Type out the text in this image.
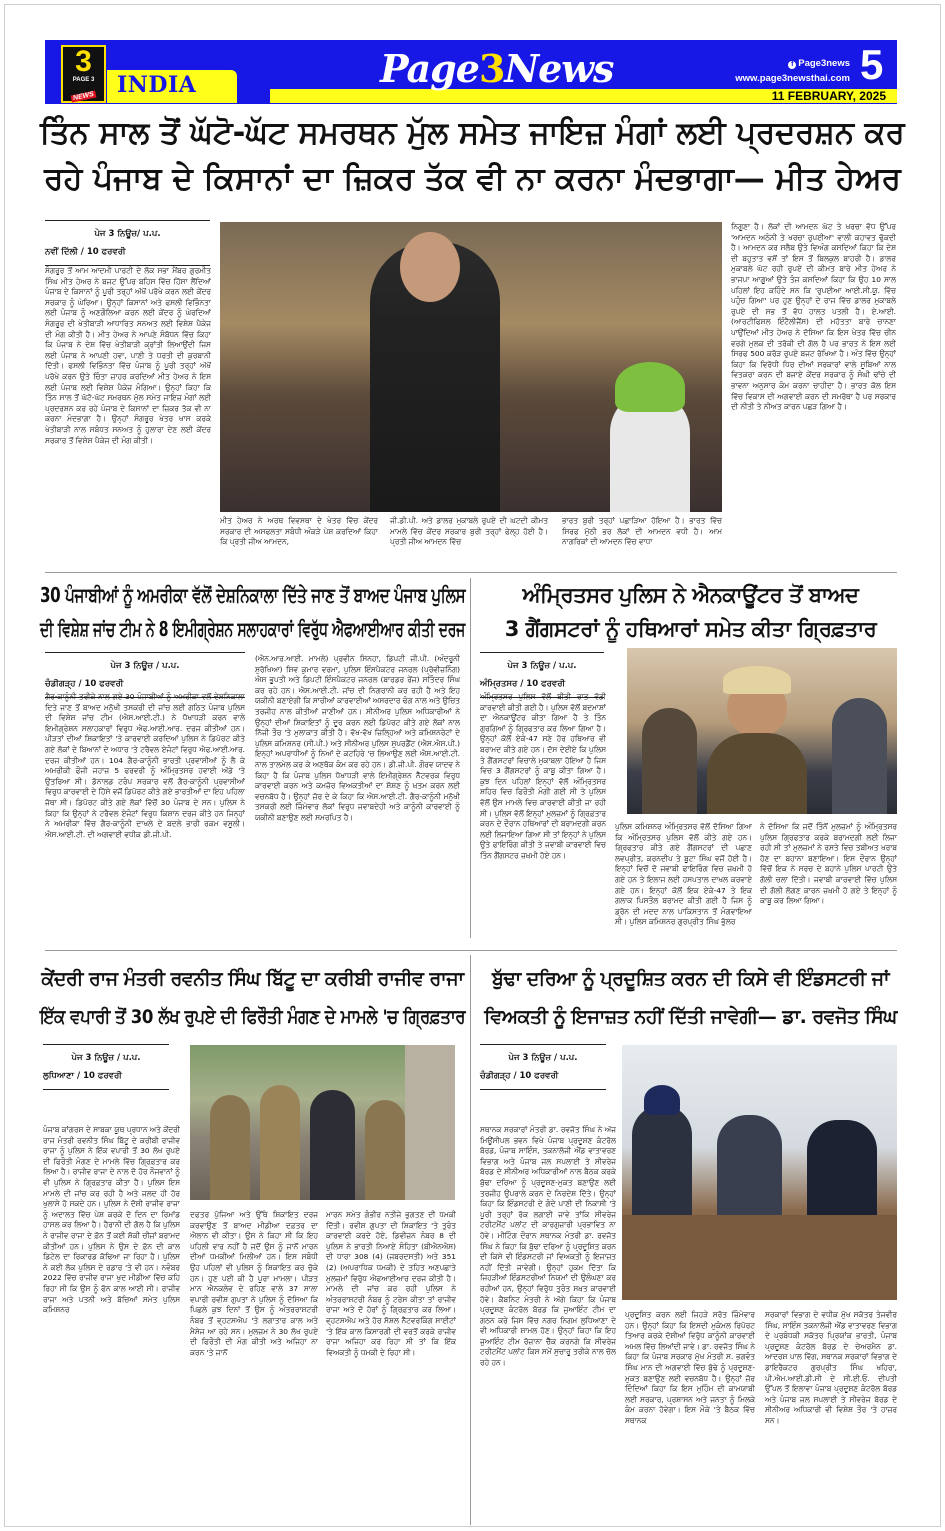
INDIA
3
PAGE 3
NEWS
Page3News	f Page3news
www.page3newsthai.com 5
11 FEBRUARY, 2025
ਤਿੰਨ ਸਾਲ ਤੋਂ ਘੱਟੋ-ਘੱਟ ਸਮਰਥਨ ਮੁੱਲ ਸਮੇਤ ਜਾਇਜ਼ ਮੰਗਾਂ ਲਈ ਪ੍ਰਦਰਸ਼ਨ ਕਰ
ਰਹੇ ਪੰਜਾਬ ਦੇ ਕਿਸਾਨਾਂ ਦਾ ਜ਼ਿਕਰ ਤੱਕ ਵੀ ਨਾ ਕਰਨਾ ਮੰਦਭਾਗਾ— ਮੀਤ ਹੇਅਰ
ਪੇਜ 3 ਨਿਊਜ਼/ ਪ.ਪ.
ਨਵੀਂ ਦਿੱਲੀ / 10 ਫਰਵਰੀ
ਸੰਗਰੂਰ ਤੋਂ ਆਮ ਆਦਮੀ ਪਾਰਟੀ ਦੇ ਲੋਕ ਸਭਾ ਮੈਂਬਰ ਗੁਰਮੀਤ ਸਿੰਘ ਮੀਤ ਹੇਅਰ ਨੇ ਬਜਟ ਉੱਪਰ ਬਹਿਸ ਵਿੱਚ ਹਿੱਸਾ ਲੈਂਦਿਆਂ ਪੰਜਾਬ ਦੇ ਕਿਸਾਨਾਂ ਨੂੰ ਪੂਰੀ ਤਰ੍ਹਾਂ ਅੱਖੋਂ ਪਰੋਖੇ ਕਰਨ ਲਈ ਕੇਂਦਰ ਸਰਕਾਰ ਨੂੰ ਘੇਰਿਆ। ਉਨ੍ਹਾਂ ਕਿਸਾਨਾਂ ਅਤੇ ਫਸਲੀ ਵਿਭਿੰਨਤਾ ਲਈ ਪੰਜਾਬ ਨੂੰ ਅਣਗੌਲਿਆ ਕਰਨ ਲਈ ਕੇਂਦਰ ਨੂੰ ਘੇਰਦਿਆਂ ਸੰਗਰੂਰ ਦੀ ਖੇਤੀਬਾੜੀ ਆਧਾਰਿਤ ਸਨਅਤ ਲਈ ਵਿਸ਼ੇਸ਼ ਪੈਕੇਜ ਦੀ ਮੰਗ ਕੀਤੀ ਹੈ। ਮੀਤ ਹੇਅਰ ਨੇ ਆਪਣੇ ਸੰਬੋਧਨ ਵਿੱਚ ਕਿਹਾ ਕਿ ਪੰਜਾਬ ਨੇ ਦੇਸ਼ ਵਿੱਚ ਖੇਤੀਬਾੜੀ ਕ੍ਰਾਂਤੀ ਲਿਆਉਂਦੀ ਜਿਸ ਲਈ ਪੰਜਾਬ ਨੇ ਆਪਣੀ ਹਵਾ, ਪਾਣੀ ਤੇ ਧਰਤੀ ਦੀ ਕੁਰਬਾਨੀ ਦਿੱਤੀ। ਫਸਲੀ ਵਿਭਿੰਨਤਾ ਵਿੱਚ ਪੰਜਾਬ ਨੂੰ ਪੂਰੀ ਤਰ੍ਹਾਂ ਅੱਖੋਂ ਪਰੋਖੇ ਕਰਨ ਉਤੇ ਚਿੰਤਾ ਜ਼ਾਹਰ ਕਰਦਿਆਂ ਮੀਤ ਹੇਅਰ ਨੇ ਇਸ ਲਈ ਪੰਜਾਬ ਲਈ ਵਿਸ਼ੇਸ਼ ਪੈਕੇਜ ਮੰਗਿਆ। ਉਨ੍ਹਾਂ ਕਿਹਾ ਕਿ ਤਿੰਨ ਸਾਲ ਤੋਂ ਘੱਟੋ-ਘੱਟ ਸਮਰਥਨ ਮੁੱਲ ਸਮੇਤ ਜਾਇਜ਼ ਮੰਗਾਂ ਲਈ ਪ੍ਰਦਰਸ਼ਨ ਕਰ ਰਹੇ ਪੰਜਾਬ ਦੇ ਕਿਸਾਨਾਂ ਦਾ ਜ਼ਿਕਰ ਤੱਕ ਵੀ ਨਾ ਕਰਨਾ ਮੰਦਭਾਗਾ ਹੈ। ਉਨ੍ਹਾਂ ਸੰਗਰੂਰ ਖੇਤਰ ਖਾਸ ਕਰਕੇ ਖੇਤੀਬਾੜੀ ਨਾਲ ਸਬੰਧਤ ਸਨਅਤ ਨੂੰ ਹੁਲਾਰਾ ਦੇਣ ਲਈ ਕੇਂਦਰ ਸਰਕਾਰ ਤੋਂ ਵਿਸ਼ੇਸ਼ ਪੈਕੇਜ ਦੀ ਮੰਗ ਕੀਤੀ।
ਮੀਤ ਹੇਅਰ ਨੇ ਅਰਥ ਵਿਵਸਥਾ ਦੇ ਖੇਤਰ ਵਿੱਚ ਕੇਂਦਰ ਸਰਕਾਰ ਦੀ ਅਸਫਲਤਾ ਸਬੰਧੀ ਅੰਕੜੇ ਪੇਸ਼ ਕਰਦਿਆਂ ਕਿਹਾ ਕਿ ਪ੍ਰਤੀ ਜੀਅ ਆਮਦਨ,
ਜੀ.ਡੀ.ਪੀ. ਅਤੇ ਡਾਲਰ ਮੁਕਾਬਲੇ ਰੁਪਏ ਦੀ ਘਟਦੀ ਕੀਮਤ ਮਾਮਲੇ ਵਿੱਚ ਕੇਂਦਰ ਸਰਕਾਰ ਬੁਰੀ ਤਰ੍ਹਾਂ ਫੇਲ੍ਹ ਹੋਈ ਹੈ। ਪ੍ਰਤੀ ਜੀਅ ਆਮਦਨ ਵਿੱਚ
ਭਾਰਤ ਬੁਰੀ ਤਰ੍ਹਾਂ ਪਛਾੜਿਆ ਹੋਇਆ ਹੈ। ਭਾਰਤ ਵਿੱਚ ਸਿਰਫ ਮੁੱਠੀ ਭਰ ਲੋਕਾਂ ਦੀ ਆਮਦਨ ਵਧੀ ਹੈ। ਆਮ ਨਾਗਰਿਕਾਂ ਦੀ ਆਮਦਨ ਵਿੱਚ ਵਾਧਾ
ਨਿਗੂਣਾ ਹੈ। ਲੋਕਾਂ ਦੀ ਆਮਦਨ ਘੱਟ ਤੇ ਖਰਚਾ ਵੱਧ ਉੱਪਰ 'ਆਮਦਨ ਅਠੰਨੀ ਤੇ ਖਰਚਾ ਰੁਪਈਆ' ਵਾਲੀ ਕਹਾਵਤ ਢੁੱਕਦੀ ਹੈ। ਆਮਦਨ ਕਰ ਸਲੈਬ ਉਤੇ ਵਿਅੰਗ ਕਸਦਿਆਂ ਕਿਹਾ ਕਿ ਦੇਸ਼ ਦੀ ਬਹੁਤਾਤ ਵਸੋਂ ਤਾਂ ਇਸ ਤੋਂ ਬਿਲਕੁਲ ਬਾਹਰੀ ਹੈ। ਡਾਲਰ ਮੁਕਾਬਲੇ ਘੱਟ ਰਹੀ ਰੁਪਏ ਦੀ ਕੀਮਤ ਬਾਰੇ ਮੀਤ ਹੇਅਰ ਨੇ ਭਾਜਪਾ ਆਗੂਆਂ ਉਤੇ ਤੰਜ ਕਸਦਿਆਂ ਕਿਹਾ ਕਿ ਉਹ 10 ਸਾਲ ਪਹਿਲਾਂ ਇਹ ਕਹਿੰਦੇ ਸਨ ਕਿ 'ਰੁਪਈਆ ਆਈ.ਸੀ.ਯੂ. ਵਿੱਚ ਪਹੁੰਚ ਗਿਆ' ਪਰ ਹੁਣ ਉਨ੍ਹਾਂ ਦੇ ਰਾਜ ਵਿੱਚ ਡਾਲਰ ਮੁਕਾਬਲੇ ਰੁਪਏ ਦੀ ਸਭ ਤੋਂ ਵੱਧ ਹਾਲਤ ਪਤਲੀ ਹੈ। ਏ.ਆਈ. (ਆਰਟੀਫਿਸ਼ਲ ਇੰਟੈਲੀਜੈਂਸ) ਦੀ ਮਹੱਤਤਾ ਬਾਰੇ ਚਾਨਣਾ ਪਾਉਂਦਿਆਂ ਮੀਤ ਹੇਅਰ ਨੇ ਦੱਸਿਆ ਕਿ ਇਸ ਖੇਤਰ ਵਿੱਚ ਚੀਨ ਵਰਗੇ ਮੁਲਕ ਦੀ ਤਰੱਕੀ ਦੀ ਗੱਲ ਹੈ ਪਰ ਭਾਰਤ ਨੇ ਇਸ ਲਈ ਸਿਰਫ 500 ਕਰੋੜ ਰੁਪਏ ਬਜਟ ਰੱਖਿਆ ਹੈ। ਅੰਤ ਵਿੱਚ ਉਨ੍ਹਾਂ ਕਿਹਾ ਕਿ ਵਿਰੋਧੀ ਧਿਰ ਦੀਆਂ ਸਰਕਾਰਾਂ ਵਾਲੇ ਸੂਬਿਆਂ ਨਾਲ ਵਿਤਕਰਾ ਕਰਨ ਦੀ ਬਜਾਏ ਕੇਂਦਰ ਸਰਕਾਰ ਨੂੰ ਸੰਘੀ ਢਾਂਚੇ ਦੀ ਭਾਵਨਾ ਅਨੁਸਾਰ ਕੰਮ ਕਰਨਾ ਚਾਹੀਦਾ ਹੈ। ਭਾਰਤ ਕੋਲ ਇਸ ਵਿੱਚ ਵਿਕਾਸ ਦੀ ਅਗਵਾਈ ਕਰਨ ਦੀ ਸਮਰੱਥਾ ਹੈ ਪਰ ਸਰਕਾਰ ਦੀ ਨੀਤੀ ਤੇ ਨੀਅਤ ਕਾਰਨ ਪਛੜ ਗਿਆ ਹੈ।
30 ਪੰਜਾਬੀਆਂ ਨੂੰ ਅਮਰੀਕਾ ਵੱਲੋਂ ਦੇਸ਼ਨਿਕਾਲਾ ਦਿੱਤੇ ਜਾਣ ਤੋਂ ਬਾਅਦ ਪੰਜਾਬ ਪੁਲਿਸ
ਦੀ ਵਿਸ਼ੇਸ਼ ਜਾਂਚ ਟੀਮ ਨੇ 8 ਇਮੀਗ੍ਰੇਸ਼ਨ ਸਲਾਹਕਾਰਾਂ ਵਿਰੁੱਧ ਐਫਆਈਆਰ ਕੀਤੀ ਦਰਜ
ਪੇਜ 3 ਨਿਊਜ਼ / ਪ.ਪ.
ਚੰਡੀਗੜ੍ਹ / 10 ਫਰਵਰੀ
ਗੈਰ-ਕਾਨੂੰਨੀ ਤਰੀਕੇ ਨਾਲ ਗਏ 30 ਪੰਜਾਬੀਆਂ ਨੂੰ ਅਮਰੀਕਾ ਵਲੋਂ ਦੇਸ਼ਨਿਕਾਲਾ ਦਿਤੇ ਜਾਣ ਤੋਂ ਬਾਅਦ ਮਨੁੱਖੀ ਤਸਕਰੀ ਦੀ ਜਾਂਚ ਲਈ ਗਠਿਤ ਪੰਜਾਬ ਪੁਲਿਸ ਦੀ ਵਿਸ਼ੇਸ਼ ਜਾਂਚ ਟੀਮ (ਐਸ.ਆਈ.ਟੀ.) ਨੇ ਧੋਖਾਧੜੀ ਕਰਨ ਵਾਲੇ ਇਮੀਗ੍ਰੇਸ਼ਨ ਸਲਾਹਕਾਰਾਂ ਵਿਰੁਧ ਐਫ.ਆਈ.ਆਰ. ਦਰਜ ਕੀਤੀਆਂ ਹਨ। ਪੀੜਤਾਂ ਦੀਆਂ ਸ਼ਿਕਾਇਤਾਂ 'ਤੇ ਕਾਰਵਾਈ ਕਰਦਿਆਂ ਪੁਲਿਸ ਨੇ ਡਿਪੋਰਟ ਕੀਤੇ ਗਏ ਲੋਕਾਂ ਦੇ ਬਿਆਨਾਂ ਦੇ ਅਧਾਰ 'ਤੇ ਟਰੈਵਲ ਏਜੰਟਾਂ ਵਿਰੁਧ ਐਫ.ਆਈ.ਆਰ. ਦਰਜ ਕੀਤੀਆਂ ਹਨ। 104 ਗੈਰ-ਕਾਨੂੰਨੀ ਭਾਰਤੀ ਪ੍ਰਵਾਸੀਆਂ ਨੂੰ ਲੈ ਕੇ ਅਮਰੀਕੀ ਫੌਜੀ ਜਹਾਜ਼ 5 ਫਰਵਰੀ ਨੂੰ ਅੰਮ੍ਰਿਤਸਰ ਹਵਾਈ ਅੱਡੇ 'ਤੇ ਉਤਰਿਆ ਸੀ। ਡੋਨਾਲਡ ਟਰੰਪ ਸਰਕਾਰ ਵਲੋਂ ਗੈਰ-ਕਾਨੂੰਨੀ ਪ੍ਰਵਾਸੀਆਂ ਵਿਰੁਧ ਕਾਰਵਾਈ ਦੇ ਹਿੱਸੇ ਵਜੋਂ ਡਿਪੋਰਟ ਕੀਤੇ ਗਏ ਭਾਰਤੀਆਂ ਦਾ ਇਹ ਪਹਿਲਾ ਜੱਥਾ ਸੀ। ਡਿਪੋਰਟ ਕੀਤੇ ਗਏ ਲੋਕਾਂ ਵਿੱਚੋਂ 30 ਪੰਜਾਬ ਦੇ ਸਨ। ਪੁਲਿਸ ਨੇ ਕਿਹਾ ਕਿ ਉਨ੍ਹਾਂ ਨੇ ਟਰੈਵਲ ਏਜੰਟਾਂ ਵਿਰੁਧ ਕਿਸ਼ਾਨ ਦਰਜ ਕੀਤੇ ਹਨ ਜਿਨ੍ਹਾਂ ਨੇ ਅਮਰੀਕਾ ਵਿੱਚ ਗੈਰ-ਕਾਨੂੰਨੀ ਦਾਖਲੇ ਦੇ ਬਦਲੇ ਭਾਰੀ ਰਕਮ ਵਸੂਲੀ। ਐਸ.ਆਈ.ਟੀ. ਦੀ ਅਗਵਾਈ ਵਧੀਕ ਡੀ.ਜੀ.ਪੀ.
(ਐਨ.ਆਰ.ਆਈ. ਮਾਮਲੇ) ਪ੍ਰਵੀਨ ਸਿਨਹਾ, ਡਿਪਟੀ ਜੀ.ਪੀ. (ਅੰਦਰੂਨੀ ਸੁਰੱਖਿਆ) ਸ਼ਿਵ ਕੁਮਾਰ ਵਰਮਾ, ਪੁਲਿਸ ਇੰਸਪੈਕਟਰ ਜਨਰਲ (ਪ੍ਰੋਵੀਜ਼ਨਿੰਗ) ਐਸ ਭੂਪਤੀ ਅਤੇ ਡਿਪਟੀ ਇੰਸਪੈਕਟਰ ਜਨਰਲ (ਬਾਰਡਰ ਰੇਂਜ) ਸਤਿੰਦਰ ਸਿੰਘ ਕਰ ਰਹੇ ਹਨ। ਐਸ.ਆਈ.ਟੀ. ਜਾਂਚ ਦੀ ਨਿਗਰਾਨੀ ਕਰ ਰਹੀ ਹੈ ਅਤੇ ਇਹ ਯਕੀਨੀ ਬਣਾਏਗੀ ਕਿ ਸਾਰੀਆਂ ਕਾਰਵਾਈਆਂ ਅਸਰਦਾਰ ਢੰਗ ਨਾਲ ਅਤੇ ਉਚਿਤ ਤਰਜੀਹ ਨਾਲ ਕੀਤੀਆਂ ਜਾਣੀਆਂ ਹਨ। ਸੀਨੀਅਰ ਪੁਲਿਸ ਅਧਿਕਾਰੀਆਂ ਨੇ ਉਨ੍ਹਾਂ ਦੀਆਂ ਸ਼ਿਕਾਇਤਾਂ ਨੂੰ ਦੂਰ ਕਰਨ ਲਈ ਡਿਪੋਰਟ ਕੀਤੇ ਗਏ ਲੋਕਾਂ ਨਾਲ ਨਿੱਜੀ ਤੌਰ 'ਤੇ ਮੁਲਾਕਾਤ ਕੀਤੀ ਹੈ। ਵੱਖ-ਵੱਖ ਜ਼ਿਲ੍ਹਿਆਂ ਅਤੇ ਕਮਿਸ਼ਨਰੇਟਾਂ ਦੇ ਪੁਲਿਸ ਕਮਿਸ਼ਨਰ (ਸੀ.ਪੀ.) ਅਤੇ ਸੀਨੀਅਰ ਪੁਲਿਸ ਸੁਪਰਡੈਂਟ (ਐਸ.ਐਸ.ਪੀ.) ਇਨ੍ਹਾਂ ਅਪਰਾਧੀਆਂ ਨੂੰ ਨਿਆਂ ਦੇ ਕਟਹਿਰੇ 'ਚ ਲਿਆਉਣ ਲਈ ਐਸ.ਆਈ.ਟੀ. ਨਾਲ ਤਾਲਮੇਲ ਕਰ ਕੇ ਅਣਥੱਕ ਕੰਮ ਕਰ ਰਹੇ ਹਨ। ਡੀ.ਜੀ.ਪੀ. ਗੌਰਵ ਯਾਦਵ ਨੇ ਕਿਹਾ ਹੈ ਕਿ ਪੰਜਾਬ ਪੁਲਿਸ ਧੋਖਾਧੜੀ ਵਾਲੇ ਇਮੀਗ੍ਰੇਸ਼ਨ ਨੈੱਟਵਰਕ ਵਿਰੁਧ ਕਾਰਵਾਈ ਕਰਨ ਅਤੇ ਕਮਜ਼ੋਰ ਵਿਅਕਤੀਆਂ ਦਾ ਸ਼ੋਸ਼ਣ ਨੂੰ ਖ਼ਤਮ ਕਰਨ ਲਈ ਵਚਨਬੱਧ ਹੈ। ਉਨ੍ਹਾਂ ਜ਼ੋਰ ਦੇ ਕੇ ਕਿਹਾ ਕਿ ਐਸ.ਆਈ.ਟੀ. ਗੈਰ-ਕਾਨੂੰਨੀ ਮਨੁੱਖੀ ਤਸਕਰੀ ਲਈ ਜ਼ਿੰਮੇਵਾਰ ਲੋਕਾਂ ਵਿਰੁਧ ਜਵਾਬਦੇਹੀ ਅਤੇ ਕਾਨੂੰਨੀ ਕਾਰਵਾਈ ਨੂੰ ਯਕੀਨੀ ਬਣਾਉਣ ਲਈ ਸਮਰਪਿਤ ਹੈ।
ਅੰਮ੍ਰਿਤਸਰ ਪੁਲਿਸ ਨੇ ਐਨਕਾਊਂਟਰ ਤੋਂ ਬਾਅਦ
3 ਗੈਂਗਸਟਰਾਂ ਨੂੰ ਹਥਿਆਰਾਂ ਸਮੇਤ ਕੀਤਾ ਗ੍ਰਿਫ਼ਤਾਰ
ਪੇਜ 3 ਨਿਊਜ਼ / ਪ.ਪ.
ਅੰਮ੍ਰਿਤਸਰ / 10 ਫਰਵਰੀ
ਅੰਮ੍ਰਿਤਸਰ ਪੁਲਿਸ ਵੱਲੋਂ ਬੀਤੀ ਰਾਤ ਵੱਡੀ ਕਾਰਵਾਈ ਕੀਤੀ ਗਈ ਹੈ। ਪੁਲਿਸ ਵੱਲੋਂ ਬਦਮਾਸ਼ਾਂ ਦਾ ਐਨਕਾਊਂਟਰ ਕੀਤਾ ਗਿਆ ਹੈ ਤੇ ਤਿੰਨ ਗੁਰਗਿਆਂ ਨੂੰ ਗ੍ਰਿਫਤਾਰ ਕਰ ਲਿਆ ਗਿਆ ਹੈ। ਉਨ੍ਹਾਂ ਕੋਲੋਂ ਏਕੇ-47 ਸਣੇ ਹੋਰ ਹਥਿਆਰ ਵੀ ਬਰਾਮਦ ਕੀਤੇ ਗਏ ਹਨ। ਦੱਸ ਦੇਈਏ ਕਿ ਪੁਲਿਸ ਤੇ ਗੈਂਗਸਟਰਾਂ ਵਿਚਾਲੇ ਮੁਕਾਬਲਾ ਹੋਇਆ ਹੈ ਜਿਸ ਵਿਚ 3 ਗੈਂਗਸਟਰਾਂ ਨੂੰ ਕਾਬੂ ਕੀਤਾ ਗਿਆ ਹੈ। ਕੁਝ ਦਿਨ ਪਹਿਲਾਂ ਇਨ੍ਹਾਂ ਵੱਲੋਂ ਅੰਮ੍ਰਿਤਸਰ ਸ਼ਹਿਰ ਵਿਚ ਫਿਰੌਤੀ ਮੰਗੀ ਗਈ ਸੀ ਤੇ ਪੁਲਿਸ ਵੱਲੋਂ ਉਸ ਮਾਮਲੇ ਵਿਚ ਕਾਰਵਾਈ ਕੀਤੀ ਜਾ ਰਹੀ ਸੀ। ਪੁਲਿਸ ਵੱਲੋਂ ਇਨ੍ਹਾਂ ਮੁਲਜ਼ਮਾਂ ਨੂੰ ਗ੍ਰਿਫ਼ਤਾਰ ਕਰਨ ਦੇ ਦੌਰਾਨ ਹਥਿਆਰਾਂ ਦੀ ਬਰਾਮਦਗੀ ਕਰਨ ਲਈ ਲਿਜਾਇਆ ਗਿਆ ਸੀ ਤਾਂ ਇਨ੍ਹਾਂ ਨੇ ਪੁਲਿਸ ਉਤੇ ਫਾਇਰਿੰਗ ਕੀਤੀ ਤੇ ਜਵਾਬੀ ਕਾਰਵਾਈ ਵਿਚ ਤਿੰਨ ਗੈਂਗਸਟਰ ਜ਼ਖ਼ਮੀ ਹੋਏ ਹਨ।
ਪੁਲਿਸ ਕਮਿਸ਼ਨਰ ਅੰਮ੍ਰਿਤਸਰ ਵੱਲੋਂ ਦੱਸਿਆ ਗਿਆ ਕਿ ਅੰਮ੍ਰਿਤਸਰ ਪੁਲਿਸ ਵੱਲੋਂ ਕੀਤੇ ਗਏ ਹਨ। ਗ੍ਰਿਫਤਾਰ ਕੀਤੇ ਗਏ ਗੈਂਗਸਟਰਾਂ ਦੀ ਪਛਾਣ ਲਵਪ੍ਰੀਤ, ਕਰਨਦੀਪ ਤੇ ਬੂਟਾ ਸਿੰਘ ਵਜੋਂ ਹੋਈ ਹੈ। ਇਨ੍ਹਾਂ ਵਿਚੋਂ ਦੋ ਜਵਾਬੀ ਫਾਇਰਿੰਗ ਵਿਚ ਜ਼ਖ਼ਮੀ ਹੋ ਗਏ ਹਨ ਤੇ ਇਲਾਜ ਲਈ ਹਸਪਤਾਲ ਦਾਖਲ ਕਰਵਾਏ ਗਏ ਹਨ। ਇਨ੍ਹਾਂ ਕੋਲੋਂ ਇਕ ਏਕੇ-47 ਤੇ ਇਕ ਗਲਾਕ ਪਿਸਤੌਲ ਬਰਾਮਦ ਕੀਤੀ ਗਈ ਹੈ ਜਿਸ ਨੂੰ ਡ੍ਰੋਨ ਦੀ ਮਦਦ ਨਾਲ ਪਾਕਿਸਤਾਨ ਤੋਂ ਮੰਗਵਾਇਆ ਸੀ। ਪੁਲਿਸ ਕਮਿਸ਼ਨਰ ਗੁਰਪ੍ਰੀਤ ਸਿੰਘ ਭੁੱਲਰ
ਨੇ ਦੱਸਿਆ ਕਿ ਜਦੋਂ ਤਿੰਨੋਂ ਮੁਲਜ਼ਮਾਂ ਨੂੰ ਅੰਮ੍ਰਿਤਸਰ ਪੁਲਿਸ ਗ੍ਰਿਫਤਾਰ ਕਰਕੇ ਬਰਾਮਦਗੀ ਲਈ ਲਿਜਾ ਰਹੀ ਸੀ ਤਾਂ ਮੁਲਜ਼ਮਾਂ ਨੇ ਰਸਤੇ ਵਿਚ ਤਬੀਅਤ ਖਰਾਬ ਹੋਣ ਦਾ ਬਹਾਨਾ ਬਣਾਇਆ। ਇਸ ਦੌਰਾਨ ਉਨ੍ਹਾਂ ਵਿੱਚੋਂ ਇਕ ਨੇ ਸਰਚ ਦੇ ਬਹਾਨੇ ਪੁਲਿਸ ਪਾਰਟੀ ਉਤੇ ਗੋਲੀ ਚਲਾ ਦਿੱਤੀ। ਜਵਾਬੀ ਕਾਰਵਾਈ ਵਿੱਚ ਪੁਲਿਸ ਦੀ ਗੋਲੀ ਲੱਗਣ ਕਾਰਨ ਜ਼ਖ਼ਮੀ ਹੋ ਗਏ ਤੇ ਇਨ੍ਹਾਂ ਨੂੰ ਕਾਬੂ ਕਰ ਲਿਆ ਗਿਆ।
ਕੇਂਦਰੀ ਰਾਜ ਮੰਤਰੀ ਰਵਨੀਤ ਸਿੰਘ ਬਿੱਟੂ ਦਾ ਕਰੀਬੀ ਰਾਜੀਵ ਰਾਜਾ
ਇੱਕ ਵਪਾਰੀ ਤੋਂ 30 ਲੱਖ ਰੁਪਏ ਦੀ ਫਿਰੌਤੀ ਮੰਗਣ ਦੇ ਮਾਮਲੇ 'ਚ ਗ੍ਰਿਫ਼ਤਾਰ
ਪੇਜ 3 ਨਿਊਜ਼ / ਪ.ਪ.
ਲੁਧਿਆਣਾ / 10 ਫਰਵਰੀ
ਪੰਜਾਬ ਕਾਂਗਰਸ ਦੇ ਸਾਬਕਾ ਯੂਥ ਪ੍ਰਧਾਨ ਅਤੇ ਕੇਂਦਰੀ ਰਾਜ ਮੰਤਰੀ ਰਵਨੀਤ ਸਿੰਘ ਬਿੱਟੂ ਦੇ ਕਰੀਬੀ ਰਾਜੀਵ ਰਾਜਾ ਨੂੰ ਪੁਲਿਸ ਨੇ ਇੱਕ ਵਪਾਰੀ ਤੋਂ 30 ਲੱਖ ਰੁਪਏ ਦੀ ਫਿਰੌਤੀ ਮੰਗਣ ਦੇ ਮਾਮਲੇ ਵਿੱਚ ਗ੍ਰਿਫ਼ਤਾਰ ਕਰ ਲਿਆ ਹੈ। ਰਾਜੀਵ ਰਾਜਾ ਦੇ ਨਾਲ ਦੋ ਹੋਰ ਨੌਜਵਾਨਾਂ ਨੂੰ ਵੀ ਪੁਲਿਸ ਨੇ ਗ੍ਰਿਫ਼ਤਾਰ ਕੀਤਾ ਹੈ। ਪੁਲਿਸ ਇਸ ਮਾਮਲੇ ਦੀ ਜਾਂਚ ਕਰ ਰਹੀ ਹੈ ਅਤੇ ਜਲਦ ਹੀ ਹੋਰ ਖੁਲਾਸੇ ਹੋ ਸਕਦੇ ਹਨ। ਪੁਲਿਸ ਨੇ ਦੋਸ਼ੀ ਰਾਜੀਵ ਰਾਜਾ ਨੂੰ ਅਦਾਲਤ ਵਿੱਚ ਪੇਸ਼ ਕਰਕੇ ਦੋ ਦਿਨ ਦਾ ਰਿਮਾਂਡ ਹਾਸਲ ਕਰ ਲਿਆ ਹੈ। ਹੈਰਾਨੀ ਦੀ ਗੱਲ ਹੈ ਕਿ ਪੁਲਿਸ ਨੇ ਰਾਜੀਵ ਰਾਜਾ ਦੇ ਫ਼ੋਨ ਤੋਂ ਕਈ ਸ਼ੱਕੀ ਚੀਜ਼ਾਂ ਬਰਾਮਦ ਕੀਤੀਆਂ ਹਨ। ਪੁਲਿਸ ਨੇ ਉਸ ਦੇ ਫ਼ੋਨ ਦੀ ਕਾਲ ਡਿਟੇਲ ਦਾ ਰਿਕਾਰਡ ਕੱਢਿਆ ਜਾ ਰਿਹਾ ਹੈ। ਪੁਲਿਸ ਨੇ ਕਈ ਲੋਕ ਪੁਲਿਸ ਦੇ ਰਡਾਰ 'ਤੇ ਵੀ ਹਨ। ਨਵੰਬਰ 2022 ਵਿੱਚ ਰਾਜੀਵ ਰਾਜਾ ਖੁਦ ਮੀਡੀਆ ਵਿੱਚ ਕਹਿ ਰਿਹਾ ਸੀ ਕਿ ਉਸ ਨੂੰ ਫੋਨ ਕਾਲ ਆਈ ਸੀ। ਰਾਜੀਵ ਰਾਜਾ ਅਤੇ ਪਤਨੀ ਅਤੇ ਬੱਚਿਆਂ ਸਮੇਤ ਪੁਲਿਸ ਕਮਿਸ਼ਨਰ
ਦਫਤਰ ਪੁੱਜਿਆ ਅਤੇ ਉੱਥੇ ਸ਼ਿਕਾਇਤ ਦਰਜ ਕਰਵਾਉਣ ਤੋਂ ਬਾਅਦ ਮੀਡੀਆ ਦਫ਼ਤਰ ਦਾ ਐਲਾਨ ਵੀ ਕੀਤਾ। ਉਸ ਨੇ ਕਿਹਾ ਸੀ ਕਿ ਇਹ ਪਹਿਲੀ ਵਾਰ ਨਹੀਂ ਹੈ ਜਦੋਂ ਉਸ ਨੂੰ ਜਾਨੋਂ ਮਾਰਨ ਦੀਆਂ ਧਮਕੀਆਂ ਮਿਲੀਆਂ ਹਨ। ਇਸ ਸਬੰਧੀ ਉਹ ਪਹਿਲਾਂ ਵੀ ਪੁਲਿਸ ਨੂੰ ਸ਼ਿਕਾਇਤ ਕਰ ਚੁੱਕੇ ਹਨ। ਹੁਣ ਪਈ ਕੀ ਹੈ ਪੂਰਾ ਮਾਮਲਾ। ਪੀੜਤ ਮਾਨ ਐਨਕਲੇਵ ਦੇ ਰਹਿਣ ਵਾਲੇ 37 ਸਾਲਾ ਵਪਾਰੀ ਰਵੀਸ਼ ਗੁਪਤਾ ਨੇ ਪੁਲਿਸ ਨੂੰ ਦੱਸਿਆ ਕਿ ਪਿਛਲੇ ਕੁਝ ਦਿਨਾਂ ਤੋਂ ਉਸ ਨੂੰ ਅੰਤਰਰਾਸ਼ਟਰੀ ਨੰਬਰ ਤੋਂ ਵ੍ਹਟਸਐਪ 'ਤੇ ਲਗਾਤਾਰ ਕਾਲ ਅਤੇ ਮੈਸੇਜ ਆ ਰਹੇ ਸਨ। ਮੁਲਜ਼ਮ ਨੇ 30 ਲੱਖ ਰੁਪਏ ਦੀ ਫਿਰੌਤੀ ਦੀ ਮੰਗ ਕੀਤੀ ਅਤੇ ਅਜਿਹਾ ਨਾ ਕਰਨ 'ਤੇ ਜਾਨੋਂ
ਮਾਰਨ ਸਮੇਤ ਗੰਭੀਰ ਨਤੀਜੇ ਭੁਗਤਣ ਦੀ ਧਮਕੀ ਦਿੱਤੀ। ਰਵੀਸ਼ ਗੁਪਤਾ ਦੀ ਸ਼ਿਕਾਇਤ 'ਤੇ ਤੁਰੰਤ ਕਾਰਵਾਈ ਕਰਦੇ ਹੋਏ, ਡਿਵੀਜ਼ਨ ਨੰਬਰ 8 ਦੀ ਪੁਲਿਸ ਨੇ ਭਾਰਤੀ ਨਿਆਏ ਸੰਹਿਤਾ (ਬੀਐਨਐਸ) ਦੀ ਧਾਰਾ 308 (4) (ਜਬਰਦਸਤੀ) ਅਤੇ 351 (2) (ਅਪਰਾਧਿਕ ਧਮਕੀ) ਦੇ ਤਹਿਤ ਅਣਪਛਾਤੇ ਮੁਲਜ਼ਮਾਂ ਵਿਰੁੱਧ ਐਫਆਈਆਰ ਦਰਜ ਕੀਤੀ ਹੈ। ਮਾਮਲੇ ਦੀ ਜਾਂਚ ਕਰ ਰਹੀ ਪੁਲਿਸ ਨੇ ਅੰਤਰਰਾਸ਼ਟਰੀ ਨੰਬਰ ਨੂੰ ਟਰੇਸ ਕੀਤਾ ਤਾਂ ਰਾਜੀਵ ਰਾਜਾ ਅਤੇ ਦੋ ਹੋਰਾਂ ਨੂੰ ਗ੍ਰਿਫ਼ਤਾਰ ਕਰ ਲਿਆ। ਵ੍ਹਟਸਐਪ ਅਤੇ ਹੋਰ ਸੋਸ਼ਲ ਨੈੱਟਵਰਕਿੰਗ ਸਾਈਟਾਂ 'ਤੇ ਇੱਕ ਕਾਲ ਕਿਸਾਰਗੀ ਦੀ ਵਰਤੋਂ ਕਰਕੇ ਰਾਜੀਵ ਰਾਜਾ ਅਜਿਹਾ ਕਰ ਰਿਹਾ ਸੀ ਤਾਂ ਕਿ ਇੱਕ ਵਿਅਕਤੀ ਨੂੰ ਧਮਕੀ ਦੇ ਰਿਹਾ ਸੀ।
ਬੁੱਢਾ ਦਰਿਆ ਨੂੰ ਪ੍ਰਦੂਸ਼ਿਤ ਕਰਨ ਦੀ ਕਿਸੇ ਵੀ ਇੰਡਸਟਰੀ ਜਾਂ
ਵਿਅਕਤੀ ਨੂੰ ਇਜਾਜ਼ਤ ਨਹੀਂ ਦਿੱਤੀ ਜਾਵੇਗੀ— ਡਾ. ਰਵਜੋਤ ਸਿੰਘ
ਪੇਜ 3 ਨਿਊਜ਼ / ਪ.ਪ.
ਚੰਡੀਗੜ੍ਹ / 10 ਫਰਵਰੀ
ਸਥਾਨਕ ਸਰਕਾਰਾਂ ਮੰਤਰੀ ਡਾ. ਰਵਜੋਤ ਸਿੰਘ ਨੇ ਅੱਜ ਮਿਊਂਸੀਪਲ ਭਵਨ ਵਿਖੇ ਪੰਜਾਬ ਪ੍ਰਦੂਸ਼ਣ ਕੰਟਰੋਲ ਬੋਰਡ, ਪੰਜਾਬ ਸਾਇੰਸ, ਤਕਨਾਲੋਜੀ ਐਂਡ ਵਾਤਾਵਰਣ ਵਿਭਾਗ ਅਤੇ ਪੰਜਾਬ ਜਲ ਸਪਲਾਈ ਤੇ ਸੀਵਰੇਜ ਬੋਰਡ ਦੇ ਸੀਨੀਅਰ ਅਧਿਕਾਰੀਆਂ ਨਾਲ ਬੈਠਕ ਕਰਕੇ ਬੁੱਢਾ ਦਰਿਆ ਨੂੰ ਪ੍ਰਦੂਸ਼ਣ-ਮੁਕਤ ਬਣਾਉਣ ਲਈ ਤਰਜੀਹ ਉਪਰਾਲੇ ਕਰਨ ਦੇ ਨਿਰਦੇਸ਼ ਦਿੱਤੇ। ਉਨ੍ਹਾਂ ਕਿਹਾ ਕਿ ਇੰਡਸਟਰੀ ਦੇ ਗੰਦੇ ਪਾਣੀ ਦੀ ਨਿਕਾਸੀ 'ਤੇ ਪੂਰੀ ਤਰ੍ਹਾਂ ਰੋਕ ਲਗਾਈ ਜਾਵੇ ਤਾਂਕਿ ਸੀਵਰੇਜ ਟਰੀਟਮੈਂਟ ਪਲਾਂਟ ਦੀ ਕਾਰਗੁਜ਼ਾਰੀ ਪ੍ਰਭਾਵਿਤ ਨਾ ਹੋਵੇ। ਮੀਟਿੰਗ ਦੌਰਾਨ ਸਥਾਨਕ ਮੰਤਰੀ ਡਾ. ਰਵਜੋਤ ਸਿੰਘ ਨੇ ਕਿਹਾ ਕਿ ਬੁੱਢਾ ਦਰਿਆ ਨੂੰ ਪ੍ਰਦੂਸ਼ਿਤ ਕਰਨ ਦੀ ਕਿਸੇ ਵੀ ਇੰਡਸਟਰੀ ਜਾਂ ਵਿਅਕਤੀ ਨੂੰ ਇਜਾਜ਼ਤ ਨਹੀਂ ਦਿੱਤੀ ਜਾਵੇਗੀ। ਉਨ੍ਹਾਂ ਹੁਕਮ ਦਿੱਤਾ ਕਿ ਜਿਹੜੀਆਂ ਇੰਡਸਟਰੀਆਂ ਨਿਯਮਾਂ ਦੀ ਉਲੰਘਣਾ ਕਰ ਰਹੀਆਂ ਹਨ, ਉਨ੍ਹਾਂ ਵਿਰੁੱਧ ਤੁਰੰਤ ਸਖ਼ਤ ਕਾਰਵਾਈ ਹੋਵੇ। ਕੈਬਨਿਟ ਮੰਤਰੀ ਨੇ ਅੱਗੇ ਕਿਹਾ ਕਿ ਪੰਜਾਬ ਪ੍ਰਦੂਸ਼ਣ ਕੰਟਰੋਲ ਬੋਰਡ ਕਿ ਜੁਆਇੰਟ ਟੀਮ ਦਾ ਗਠਨ ਕਰੇ ਜਿਸ ਵਿੱਚ ਨਗਰ ਨਿਗਮ ਲੁਧਿਆਣਾ ਦੇ ਵੀ ਅਧਿਕਾਰੀ ਸ਼ਾਮਲ ਹੋਣ। ਉਨ੍ਹਾਂ ਕਿਹਾ ਕਿ ਇਹ ਜੁਆਇੰਟ ਟੀਮ ਰੋਜ਼ਾਨਾ ਚੈੱਕ ਕਰਨਗੇ ਕਿ ਸੀਵਰੇਜ ਟਰੀਟਮੈਂਟ ਪਲਾਂਟ ਕਿਸ ਸਮੇਂ ਸੁਚਾਰੂ ਤਰੀਕੇ ਨਾਲ ਚੱਲ ਰਹੇ ਹਨ।
ਪ੍ਰਦੂਸ਼ਿਤ ਕਰਨ ਲਈ ਜਿਹੜੇ ਸਰੋਤ ਜ਼ਿੰਮੇਵਾਰ ਹਨ। ਉਨ੍ਹਾਂ ਕਿਹਾ ਕਿ ਇਸਦੀ ਮੁਕੰਮਲ ਰਿਪੋਰਟ ਤਿਆਰ ਕਰਕੇ ਦੋਸ਼ੀਆਂ ਵਿਰੁੱਧ ਕਾਨੂੰਨੀ ਕਾਰਵਾਈ ਅਮਲ ਵਿੱਚ ਲਿਆਂਦੀ ਜਾਵੇ। ਡਾ. ਰਵਜੋਤ ਸਿੰਘ ਨੇ ਕਿਹਾ ਕਿ ਪੰਜਾਬ ਸਰਕਾਰ ਮੁੱਖ ਮੰਤਰੀ ਸ. ਭਗਵੰਤ ਸਿੰਘ ਮਾਨ ਦੀ ਅਗਵਾਈ ਵਿੱਚ ਬੁੱਢੇ ਨੂੰ ਪ੍ਰਦੂਸ਼ਣ-ਮੁਕਤ ਬਣਾਉਣ ਲਈ ਵਚਨਬੱਧ ਹੈ। ਉਨ੍ਹਾਂ ਜ਼ੋਰ ਦਿੰਦਿਆਂ ਕਿਹਾ ਕਿ ਇਸ ਮੁਹਿੰਮ ਦੀ ਕਾਮਯਾਬੀ ਲਈ ਸਰਕਾਰ, ਪ੍ਰਸ਼ਾਸਨ ਅਤੇ ਜਨਤਾ ਨੂੰ ਮਿਲਕੇ ਕੰਮ ਕਰਨਾ ਹੋਵੇਗਾ। ਇਸ ਮੌਕੇ 'ਤੇ ਬੈਠਕ ਵਿੱਚ ਸਥਾਨਕ
ਸਰਕਾਰਾਂ ਵਿਭਾਗ ਦੇ ਵਧੀਕ ਮੁੱਖ ਸਕੱਤਰ ਤੇਜਵੀਰ ਸਿੰਘ, ਸਾਇੰਸ ਤਕਨਾਲੋਜੀ ਐਂਡ ਵਾਤਾਵਰਣ ਵਿਭਾਗ ਦੇ ਪ੍ਰਬੰਧਕੀ ਸਕੱਤਰ ਪ੍ਰਿਯਾਂਕ ਭਾਰਤੀ, ਪੰਜਾਬ ਪ੍ਰਦੂਸ਼ਣ ਕੰਟਰੋਲ ਬੋਰਡ ਦੇ ਚੇਅਰਮੈਨ ਡਾ. ਆਦਰਸ਼ ਪਾਲ ਵਿੱਗ, ਸਥਾਨਕ ਸਰਕਾਰਾਂ ਵਿਭਾਗ ਦੇ ਡਾਇਰੈਕਟਰ ਗੁਰਪ੍ਰੀਤ ਸਿੰਘ ਖਹਿਰਾ, ਪੀ.ਐਮ.ਆਈ.ਡੀ.ਸੀ ਦੇ ਸੀ.ਈ.ਓ. ਦੀਪਤੀ ਉੱਪਲ ਤੋਂ ਇਲਾਵਾ ਪੰਜਾਬ ਪ੍ਰਦੂਸ਼ਣ ਕੰਟਰੋਲ ਬੋਰਡ ਅਤੇ ਪੰਜਾਬ ਜਲ ਸਪਲਾਈ ਤੇ ਸੀਵਰੇਜ ਬੋਰਡ ਦੇ ਸੀਨੀਅਰ ਅਧਿਕਾਰੀ ਵੀ ਵਿਸ਼ੇਸ਼ ਤੌਰ 'ਤੇ ਹਾਜ਼ਰ ਸਨ।
